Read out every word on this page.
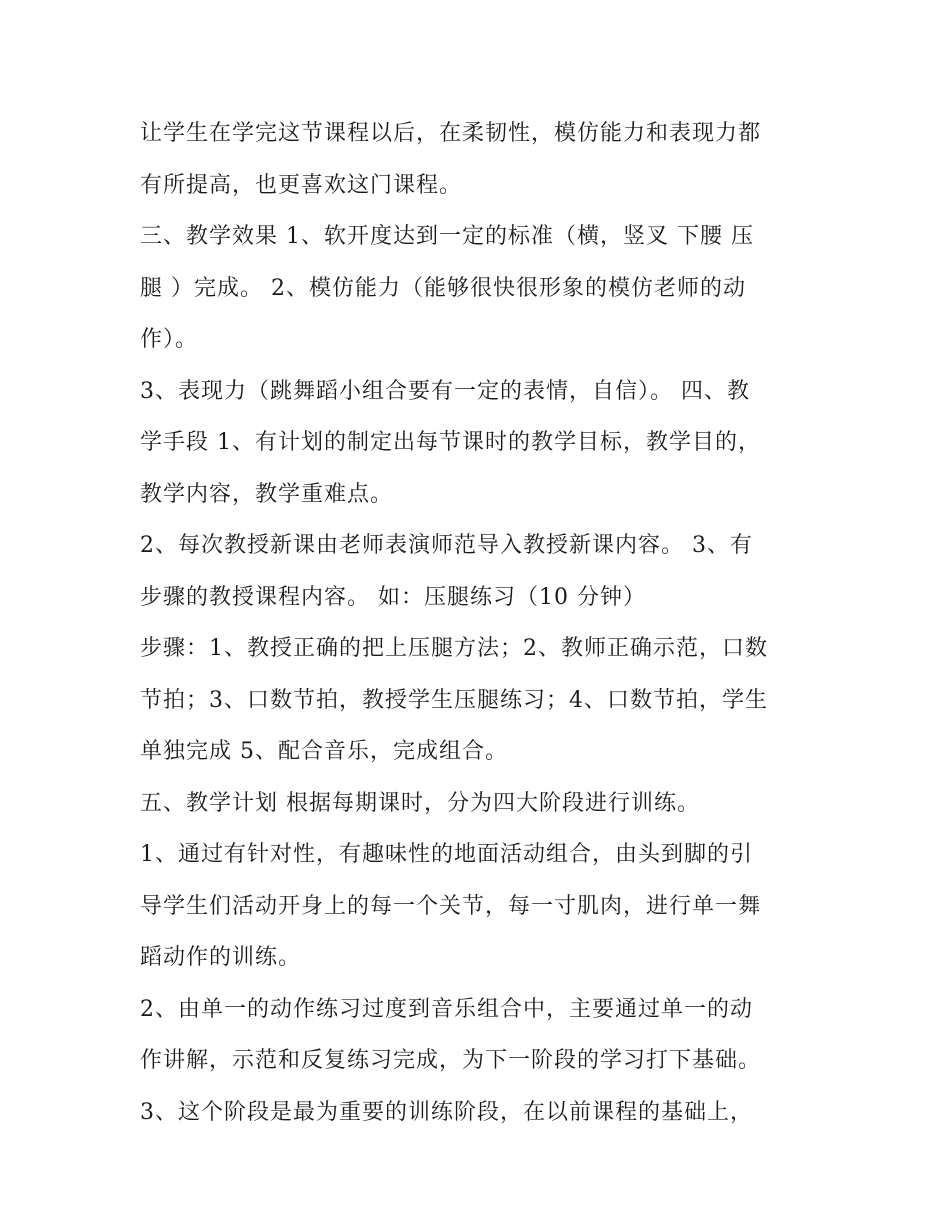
让学生在学完这节课程以后，在柔韧性，模仿能力和表现力都
有所提高，也更喜欢这门课程。
三、教学效果 1、软开度达到一定的标准（横，竖叉 下腰 压
腿 ）完成。 2、模仿能力（能够很快很形象的模仿老师的动
作）。
3、表现力（跳舞蹈小组合要有一定的表情，自信）。 四、教
学手段 1、有计划的制定出每节课时的教学目标，教学目的，
教学内容，教学重难点。
2、每次教授新课由老师表演师范导入教授新课内容。 3、有
步骤的教授课程内容。 如：压腿练习（10 分钟）
步骤：1、教授正确的把上压腿方法；2、教师正确示范，口数
节拍；3、口数节拍，教授学生压腿练习；4、口数节拍，学生
单独完成 5、配合音乐，完成组合。
五、教学计划 根据每期课时，分为四大阶段进行训练。
1、通过有针对性，有趣味性的地面活动组合，由头到脚的引
导学生们活动开身上的每一个关节，每一寸肌肉，进行单一舞
蹈动作的训练。
2、由单一的动作练习过度到音乐组合中，主要通过单一的动
作讲解，示范和反复练习完成，为下一阶段的学习打下基础。
3、这个阶段是最为重要的训练阶段，在以前课程的基础上，
